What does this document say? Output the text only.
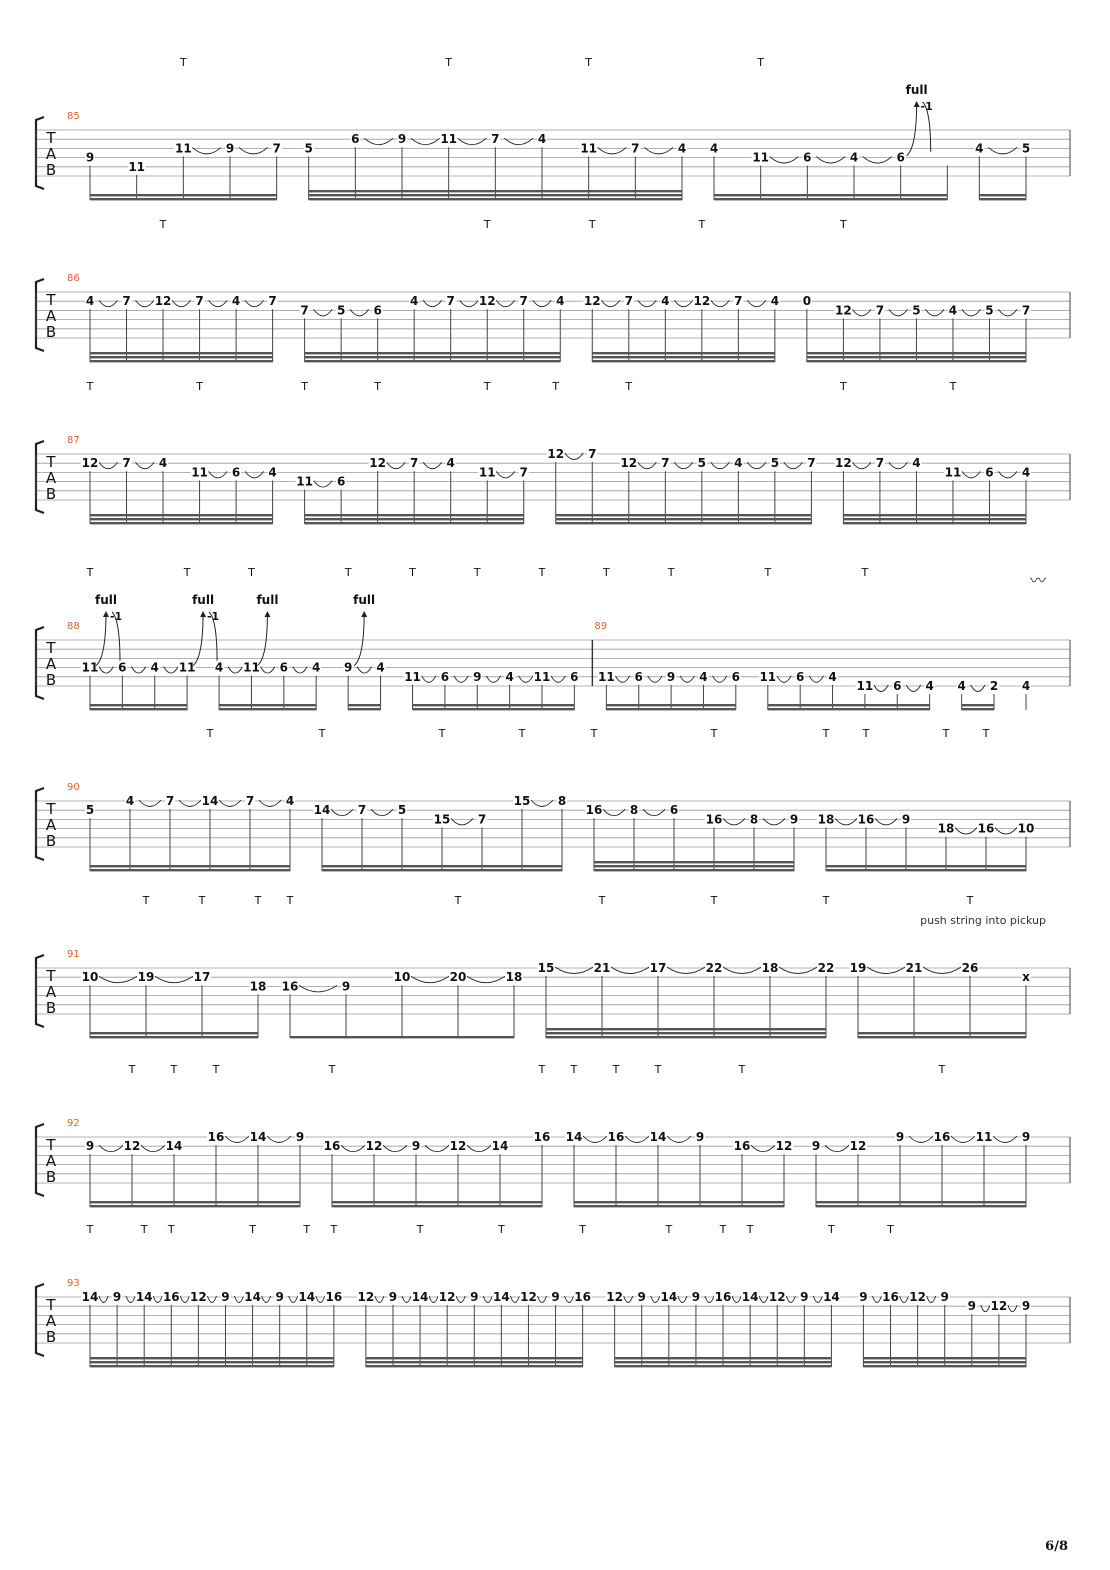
T
A
B
85
9
11
11
T
9	7 5
6	9	11
T
7	4
11
T
7	4 4
11
T
6	4	6
full
-1
4	5
T
A
B
86
4 7 12
T
7 4 7
7 5 6
4 7 12
T
7 4 12
T
7 4 12
T
7 4 0
12
T
7 5 4 5 7
T
A
B
87
12
T
7 4
11
T
6 4
11
T
6
12
T
7 4
11
T
7
12
T
7
12
T
7 5 4 5 7 12
T
7 4
11
T
6 4
T
A
B
88
11
T
full
-1
6 4 11
T
full
-1
4 11
T
full
6 4 9
T
full
4
11
T
6 9
T
4 11
T
6
89
11
T
6 9
T
4 6 11
T
6 4
11
T
6 4 4 2 4
〰
T
A
B
90
5
4	7 14
T
7	4
14
T
7	5
15
T
7
15
T
8
16
T
8	6
16
T
8	9 18
T
16
T
9
18
T
16
T
10
T
A
B
91
10	19
T
17
T
18
T
16
T
9
10	20
T
18
15	21
T
17	22
T
18	22
T
19	21	26
T
x
push string into pickup
T
A
B
92
9 12
T
14
T
16
T
14 9
16
T
12 9 12 14
16
T
14
T
16
T
14
T
9
16
T
12 9 12
9 16
T
11 9
T
A
B
93
14
T
9 14
T
16
T
12 9 14
T
9 14
T
16
T
12 9 14
T
12 9 14
T
12 9 16
T
12 9 14
T
9 16
T
14
T
12 9 14
T
9 16
T
12 9
9 12 9
6/8
